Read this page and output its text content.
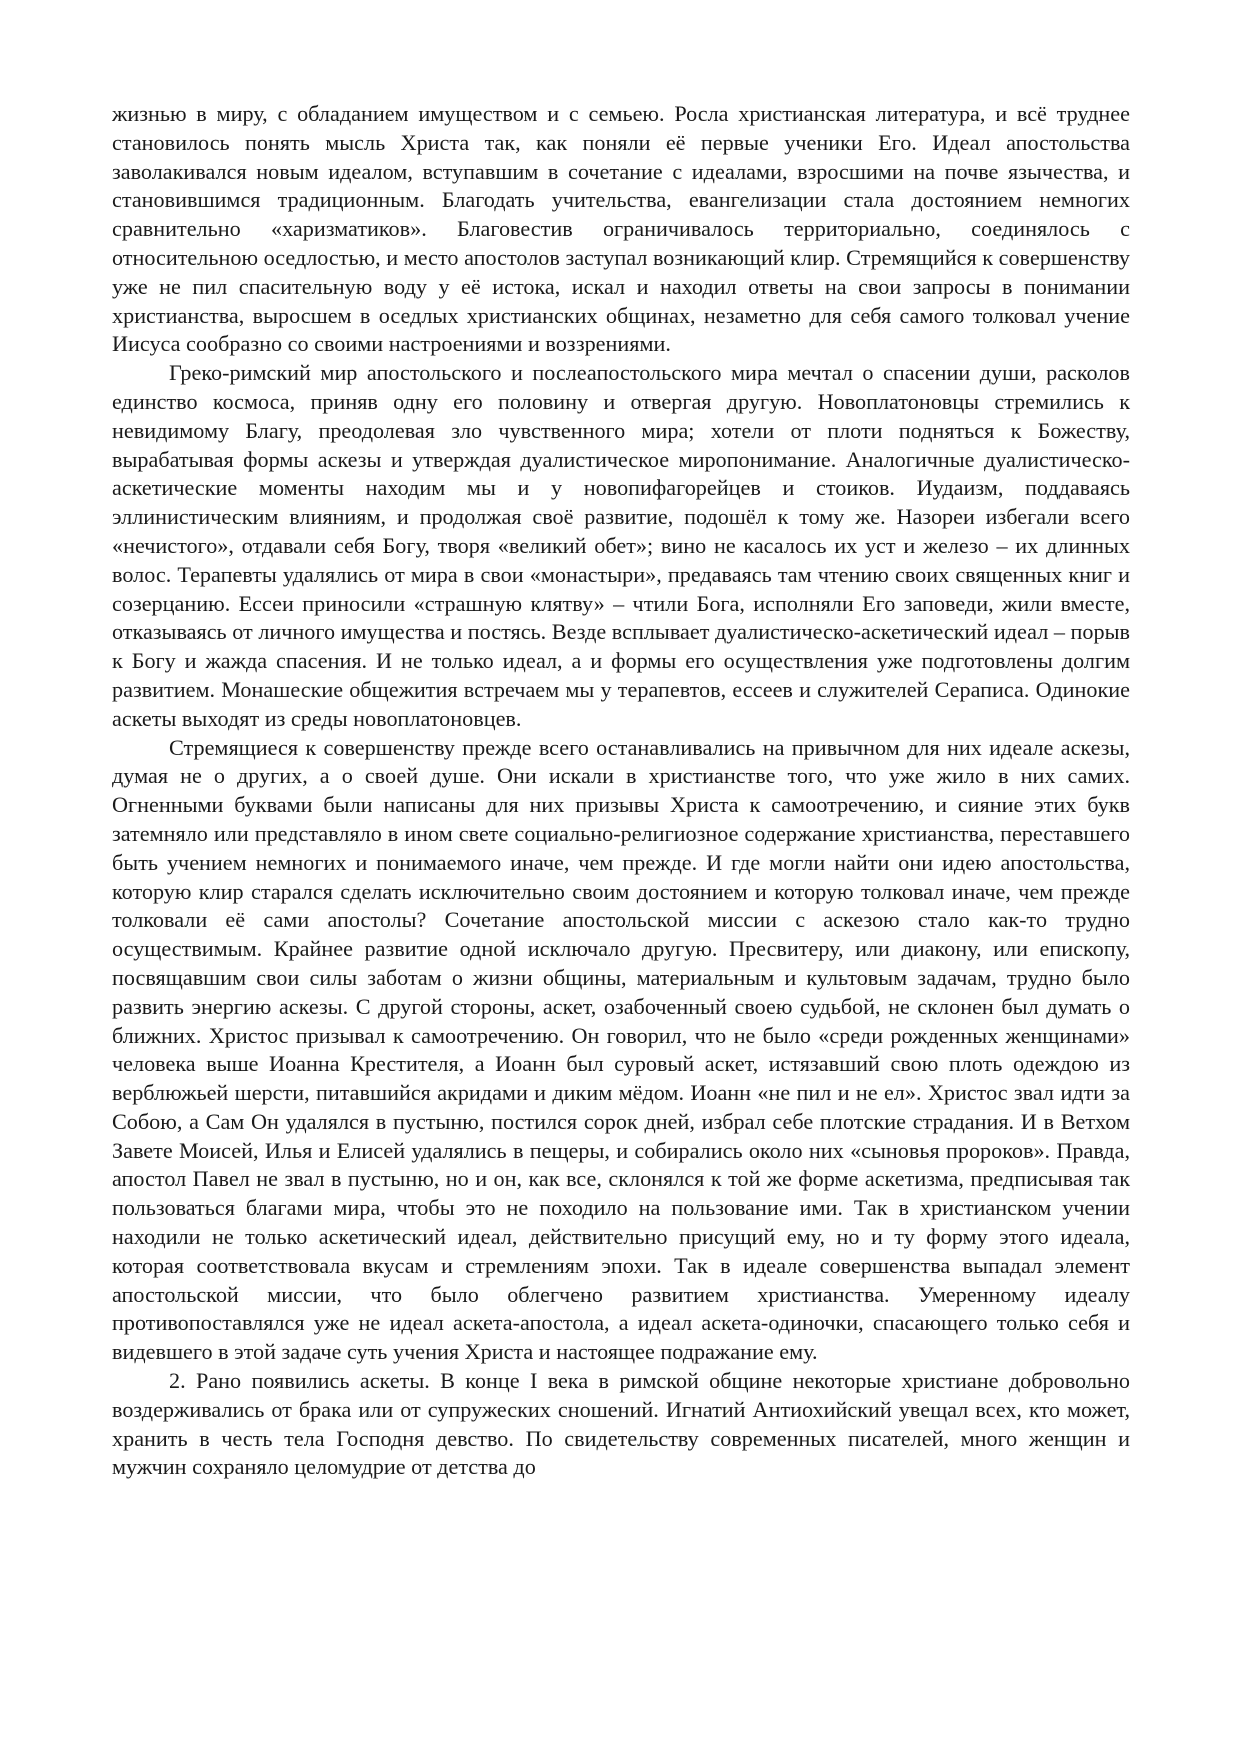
жизнью в миру, с обладанием имуществом и с семьею. Росла христианская литература, и всё труднее становилось понять мысль Христа так, как поняли её первые ученики Его. Идеал апостольства заволакивался новым идеалом, вступавшим в сочетание с идеалами, взросшими на почве язычества, и становившимся традиционным. Благодать учительства, евангелизации стала достоянием немногих сравнительно «харизматиков». Благовестив ограничивалось территориально, соединялось с относительною оседлостью, и место апостолов заступал возникающий клир. Стремящийся к совершенству уже не пил спасительную воду у её истока, искал и находил ответы на свои запросы в понимании христианства, выросшем в оседлых христианских общинах, незаметно для себя самого толковал учение Иисуса сообразно со своими настроениями и воззрениями.

Греко-римский мир апостольского и послеапостольского мира мечтал о спасении души, расколов единство космоса, приняв одну его половину и отвергая другую. Новоплатоновцы стремились к невидимому Благу, преодолевая зло чувственного мира; хотели от плоти подняться к Божеству, вырабатывая формы аскезы и утверждая дуалистическое миропонимание. Аналогичные дуалистическо-аскетические моменты находим мы и у новопифагорейцев и стоиков. Иудаизм, поддаваясь эллинистическим влияниям, и продолжая своё развитие, подошёл к тому же. Назореи избегали всего «нечистого», отдавали себя Богу, творя «великий обет»; вино не касалось их уст и железо – их длинных волос. Терапевты удалялись от мира в свои «монастыри», предаваясь там чтению своих священных книг и созерцанию. Ессеи приносили «страшную клятву» – чтили Бога, исполняли Его заповеди, жили вместе, отказываясь от личного имущества и постясь. Везде всплывает дуалистическо-аскетический идеал – порыв к Богу и жажда спасения. И не только идеал, а и формы его осуществления уже подготовлены долгим развитием. Монашеские общежития встречаем мы у терапевтов, ессеев и служителей Сераписа. Одинокие аскеты выходят из среды новоплатоновцев.

Стремящиеся к совершенству прежде всего останавливались на привычном для них идеале аскезы, думая не о других, а о своей душе. Они искали в христианстве того, что уже жило в них самих. Огненными буквами были написаны для них призывы Христа к самоотречению, и сияние этих букв затемняло или представляло в ином свете социально-религиозное содержание христианства, переставшего быть учением немногих и понимаемого иначе, чем прежде. И где могли найти они идею апостольства, которую клир старался сделать исключительно своим достоянием и которую толковал иначе, чем прежде толковали её сами апостолы? Сочетание апостольской миссии с аскезою стало как-то трудно осуществимым. Крайнее развитие одной исключало другую. Пресвитеру, или диакону, или епископу, посвящавшим свои силы заботам о жизни общины, материальным и культовым задачам, трудно было развить энергию аскезы. С другой стороны, аскет, озабоченный своею судьбой, не склонен был думать о ближних. Христос призывал к самоотречению. Он говорил, что не было «среди рожденных женщинами» человека выше Иоанна Крестителя, а Иоанн был суровый аскет, истязавший свою плоть одеждою из верблюжьей шерсти, питавшийся акридами и диким мёдом. Иоанн «не пил и не ел». Христос звал идти за Собою, а Сам Он удалялся в пустыню, постился сорок дней, избрал себе плотские страдания. И в Ветхом Завете Моисей, Илья и Елисей удалялись в пещеры, и собирались около них «сыновья пророков». Правда, апостол Павел не звал в пустыню, но и он, как все, склонялся к той же форме аскетизма, предписывая так пользоваться благами мира, чтобы это не походило на пользование ими. Так в христианском учении находили не только аскетический идеал, действительно присущий ему, но и ту форму этого идеала, которая соответствовала вкусам и стремлениям эпохи. Так в идеале совершенства выпадал элемент апостольской миссии, что было облегчено развитием христианства. Умеренному идеалу противопоставлялся уже не идеал аскета-апостола, а идеал аскета-одиночки, спасающего только себя и видевшего в этой задаче суть учения Христа и настоящее подражание ему.

2. Рано появились аскеты. В конце I века в римской общине некоторые христиане добровольно воздерживались от брака или от супружеских сношений. Игнатий Антиохийский увещал всех, кто может, хранить в честь тела Господня девство. По свидетельству современных писателей, много женщин и мужчин сохраняло целомудрие от детства до
